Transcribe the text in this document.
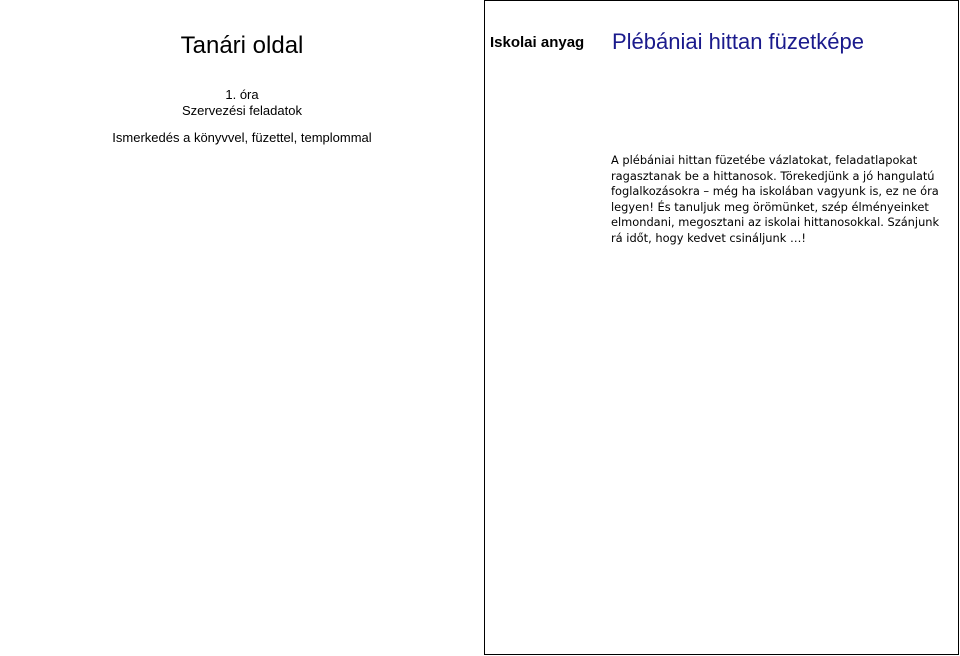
Tanári oldal
1. óra
Szervezési feladatok
Ismerkedés a könyvvel, füzettel, templommal
Iskolai anyag Plébániai hittan füzetképe

A plébániai hittan füzetébe vázlatokat, feladatlapokat ragasztanak be a hittanosok. Törekedjünk a jó hangulatú foglalkozásokra – még ha iskolában vagyunk is, ez ne óra legyen! És tanuljuk meg örömünket, szép élményeinket elmondani, megosztani az iskolai hittanosokkal. Szánjunk rá időt, hogy kedvet csináljunk …!
